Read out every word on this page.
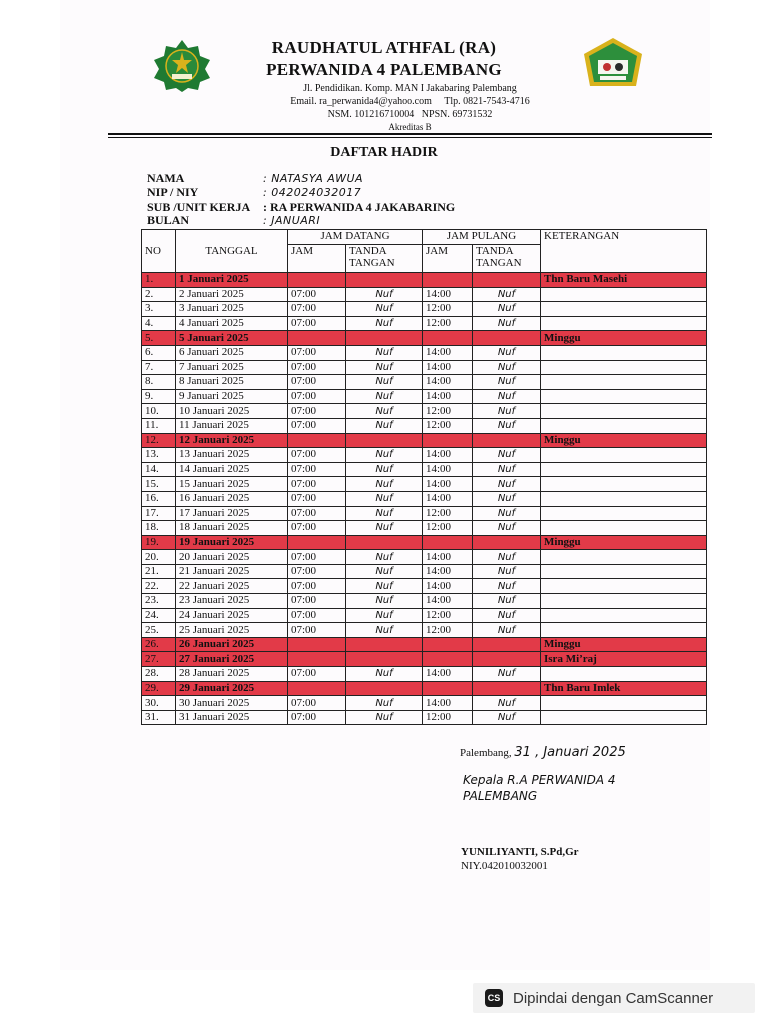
RAUDHATUL ATHFAL (RA)
PERWANIDA 4 PALEMBANG
Jl. Pendidikan. Komp. MAN I Jakabaring Palembang
Email. ra_perwanida4@yahoo.com     Tlp. 0821-7543-4716
NSM. 101216710004   NPSN. 69731532
Akreditas B
DAFTAR HADIR
NAMA	: NATASYA AWUA
NIP / NIY	: 042024032017
SUB /UNIT KERJA : RA PERWANIDA 4 JAKABARING
BULAN	: JANUARI
NO	TANGGAL	JAM DATANG		JAM PULANG		KETERANGAN
		JAM	TANDA TANGAN	JAM	TANDA TANGAN	
1.	1 Januari 2025					Thn Baru Masehi
2.	2 Januari 2025	07:00	Nuf	14:00	Nuf	
3.	3 Januari 2025	07:00	Nuf	12:00	Nuf	
4.	4 Januari 2025	07:00	Nuf	12:00	Nuf	
5.	5 Januari 2025					Minggu
6.	6 Januari 2025	07:00	Nuf	14:00	Nuf	
7.	7 Januari 2025	07:00	Nuf	14:00	Nuf	
8.	8 Januari 2025	07:00	Nuf	14:00	Nuf	
9.	9 Januari 2025	07:00	Nuf	14:00	Nuf	
10.	10 Januari 2025	07:00	Nuf	12:00	Nuf	
11.	11 Januari 2025	07:00	Nuf	12:00	Nuf	
12.	12 Januari 2025					Minggu
13.	13 Januari 2025	07:00	Nuf	14:00	Nuf	
14.	14 Januari 2025	07:00	Nuf	14:00	Nuf	
15.	15 Januari 2025	07:00	Nuf	14:00	Nuf	
16.	16 Januari 2025	07:00	Nuf	14:00	Nuf	
17.	17 Januari 2025	07:00	Nuf	12:00	Nuf	
18.	18 Januari 2025	07:00	Nuf	12:00	Nuf	
19.	19 Januari 2025					Minggu
20.	20 Januari 2025	07:00	Nuf	14:00	Nuf	
21.	21 Januari 2025	07:00	Nuf	14:00	Nuf	
22.	22 Januari 2025	07:00	Nuf	14:00	Nuf	
23.	23 Januari 2025	07:00	Nuf	14:00	Nuf	
24.	24 Januari 2025	07:00	Nuf	12:00	Nuf	
25.	25 Januari 2025	07:00	Nuf	12:00	Nuf	
26.	26 Januari 2025					Minggu
27.	27 Januari 2025					Isra Mi’raj
28.	28 Januari 2025	07:00	Nuf	14:00	Nuf	
29.	29 Januari 2025					Thn Baru Imlek
30.	30 Januari 2025	07:00	Nuf	14:00	Nuf	
31.	31 Januari 2025	07:00	Nuf	12:00	Nuf	
Palembang, 31 , Januari 2025
Kepala R.A PERWANIDA 4
PALEMBANG
YUNILIYANTI, S.Pd,Gr
NIY.042010032001
CS Dipindai dengan CamScanner
